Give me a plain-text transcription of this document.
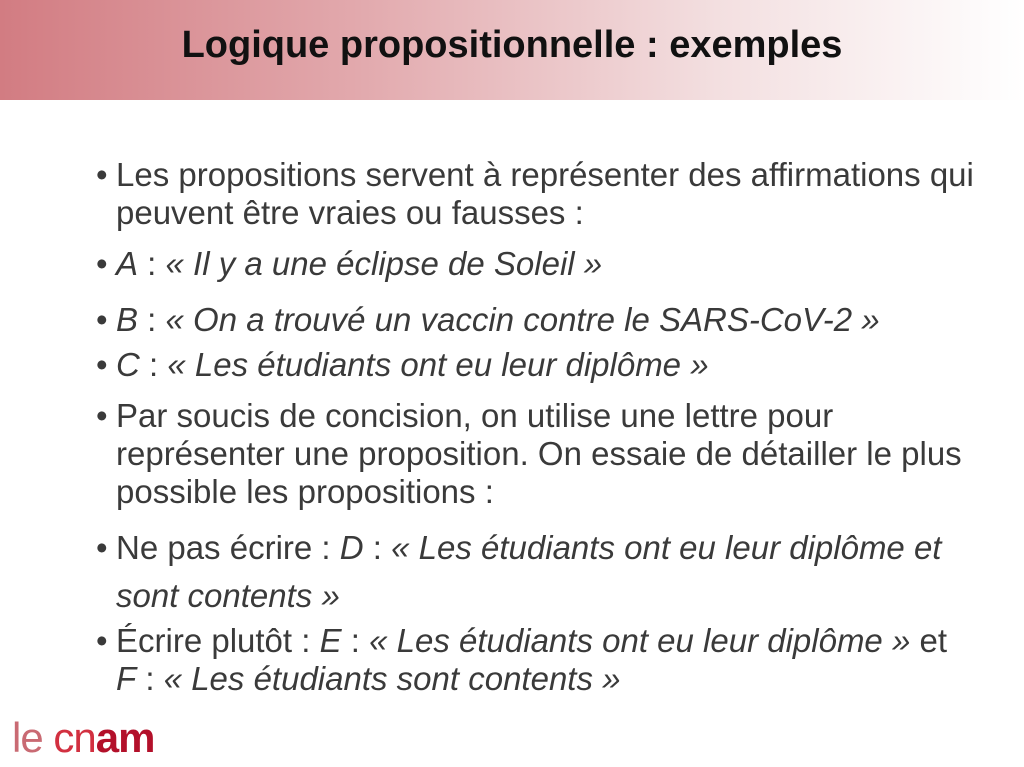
Logique propositionnelle : exemples
le cnam
• Les propositions servent à représenter des affirmations qui peuvent être vraies ou fausses :
• A : « Il y a une éclipse de Soleil »
• B : « On a trouvé un vaccin contre le SARS-CoV-2 »
• C : « Les étudiants ont eu leur diplôme »
• Par soucis de concision, on utilise une lettre pour représenter une proposition. On essaie de détailler le plus possible les propositions :
• Ne pas écrire : D : « Les étudiants ont eu leur diplôme et sont contents »
• Écrire plutôt : E : « Les étudiants ont eu leur diplôme » et F : « Les étudiants sont contents »
